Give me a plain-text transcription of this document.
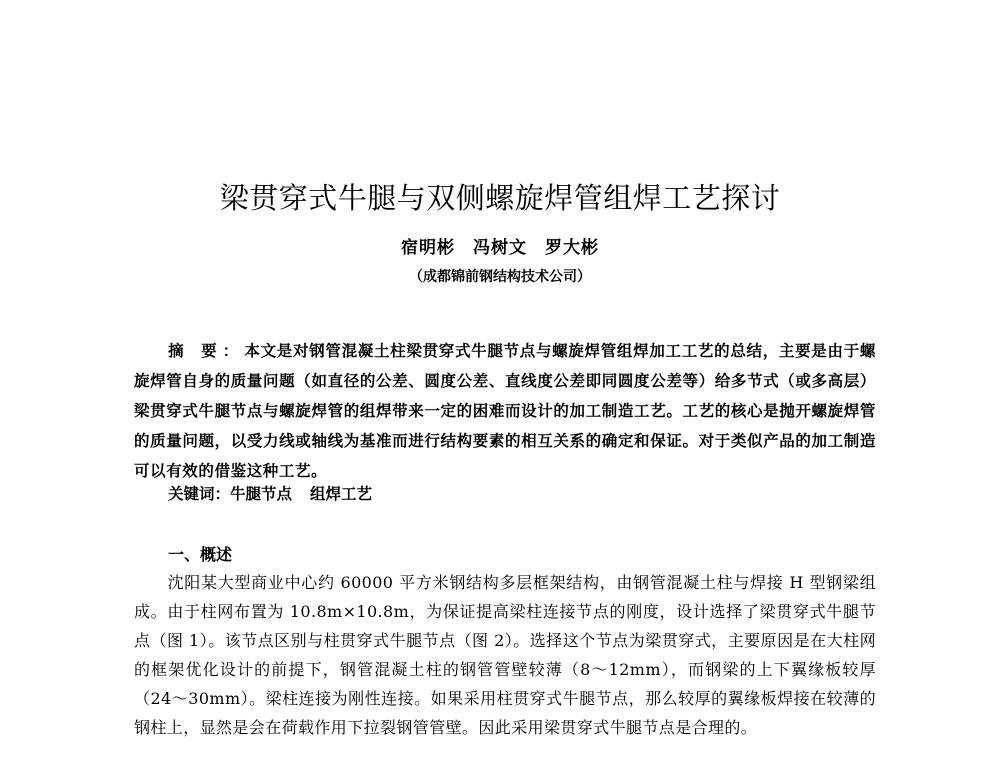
梁贯穿式牛腿与双侧螺旋焊管组焊工艺探讨
宿明彬　冯树文　罗大彬
（成都锦前钢结构技术公司）

摘 要：本文是对钢管混凝土柱梁贯穿式牛腿节点与螺旋焊管组焊加工工艺的总结，主要是由于螺旋焊管自身的质量问题（如直径的公差、圆度公差、直线度公差即同圆度公差等）给多节式（或多高层）梁贯穿式牛腿节点与螺旋焊管的组焊带来一定的困难而设计的加工制造工艺。工艺的核心是抛开螺旋焊管的质量问题，以受力线或轴线为基准而进行结构要素的相互关系的确定和保证。对于类似产品的加工制造可以有效的借鉴这种工艺。

关键词：牛腿节点 组焊工艺
一、概述

沈阳某大型商业中心约 60000 平方米钢结构多层框架结构，由钢管混凝土柱与焊接 H 型钢梁组成。由于柱网布置为 10.8m×10.8m，为保证提高梁柱连接节点的刚度，设计选择了梁贯穿式牛腿节点（图 1）。该节点区别与柱贯穿式牛腿节点（图 2）。选择这个节点为梁贯穿式，主要原因是在大柱网的框架优化设计的前提下，钢管混凝土柱的钢管管壁较薄（8～12mm），而钢梁的上下翼缘板较厚（24～30mm）。梁柱连接为刚性连接。如果采用柱贯穿式牛腿节点，那么较厚的翼缘板焊接在较薄的钢柱上，显然是会在荷载作用下拉裂钢管管壁。因此采用梁贯穿式牛腿节点是合理的。
